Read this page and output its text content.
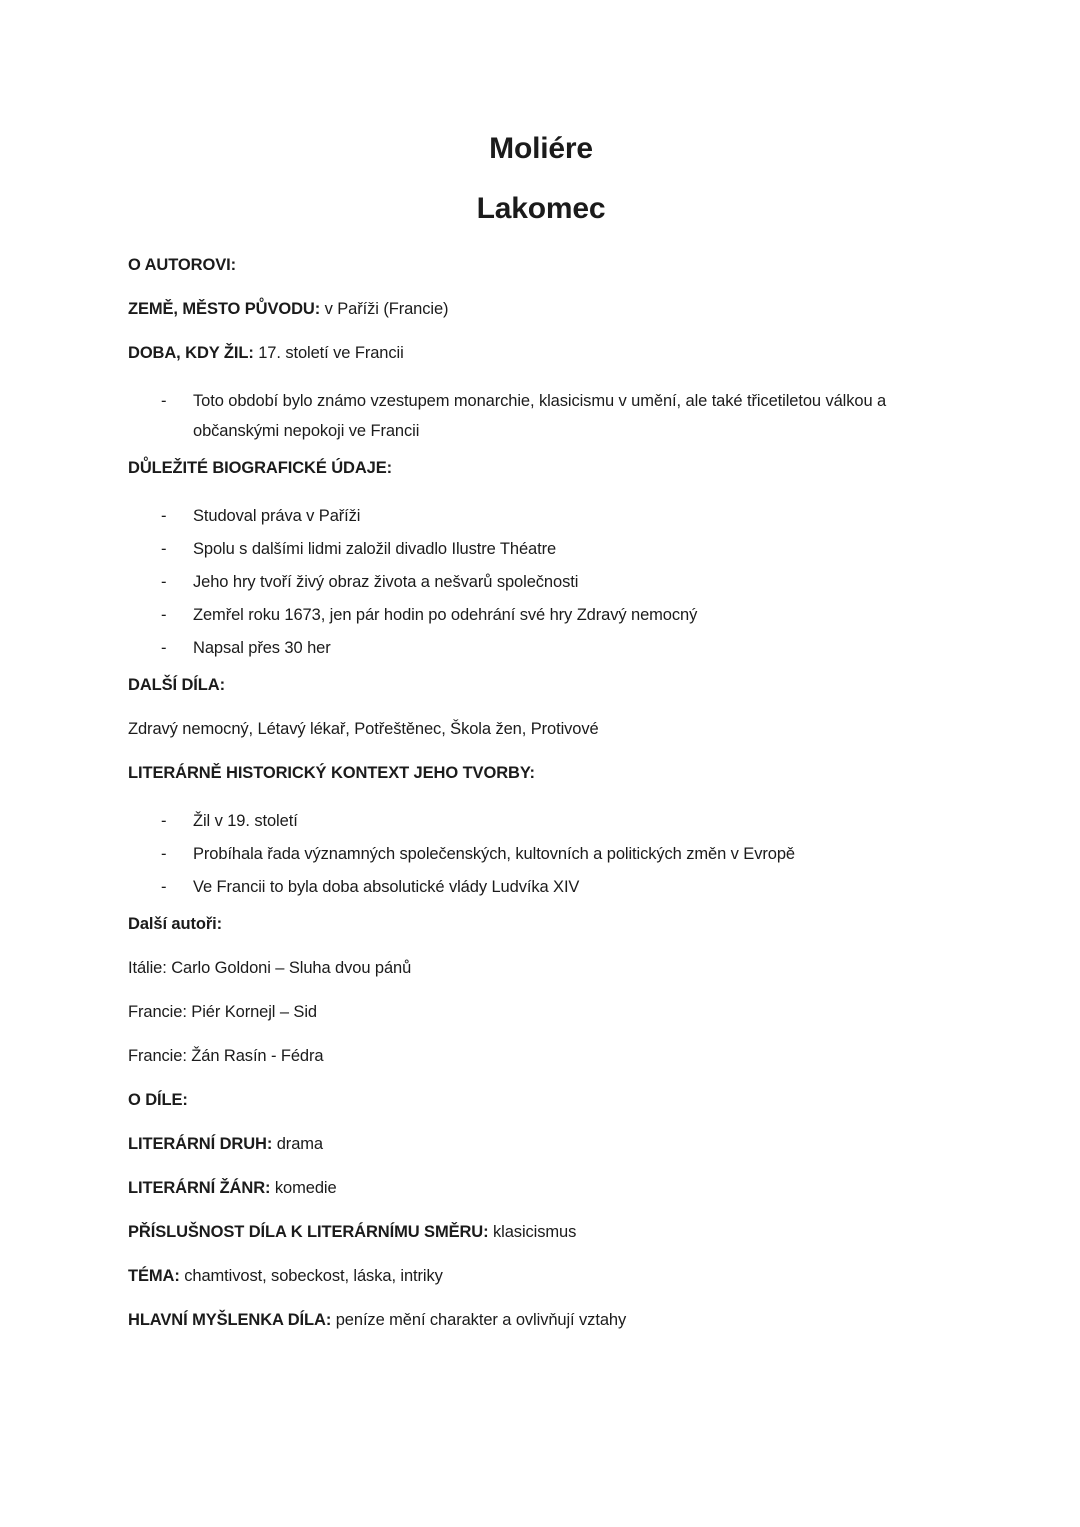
Moliére
Lakomec

O AUTOROVI:

ZEMĚ, MĚSTO PŮVODU: v Paříži (Francie)

DOBA, KDY ŽIL: 17. století ve Francii

-	Toto období bylo známo vzestupem monarchie, klasicismu v umění, ale také třicetiletou válkou a občanskými nepokoji ve Francii

DŮLEŽITÉ BIOGRAFICKÉ ÚDAJE:

-	Studoval práva v Paříži
-	Spolu s dalšími lidmi založil divadlo Ilustre Théatre
-	Jeho hry tvoří živý obraz života a nešvarů společnosti
-	Zemřel roku 1673, jen pár hodin po odehrání své hry Zdravý nemocný
-	Napsal přes 30 her

DALŠÍ DÍLA:

Zdravý nemocný, Létavý lékař, Potřeštěnec, Škola žen, Protivové

LITERÁRNĚ HISTORICKÝ KONTEXT JEHO TVORBY:

-	Žil v 19. století
-	Probíhala řada významných společenských, kultovních a politických změn v Evropě
-	Ve Francii to byla doba absolutické vlády Ludvíka XIV

Další autoři:

Itálie: Carlo Goldoni – Sluha dvou pánů

Francie: Piér Kornejl – Sid

Francie: Žán Rasín - Fédra

O DÍLE:

LITERÁRNÍ DRUH: drama

LITERÁRNÍ ŽÁNR: komedie

PŘÍSLUŠNOST DÍLA K LITERÁRNÍMU SMĚRU: klasicismus

TÉMA: chamtivost, sobeckost, láska, intriky

HLAVNÍ MYŠLENKA DÍLA: peníze mění charakter a ovlivňují vztahy
